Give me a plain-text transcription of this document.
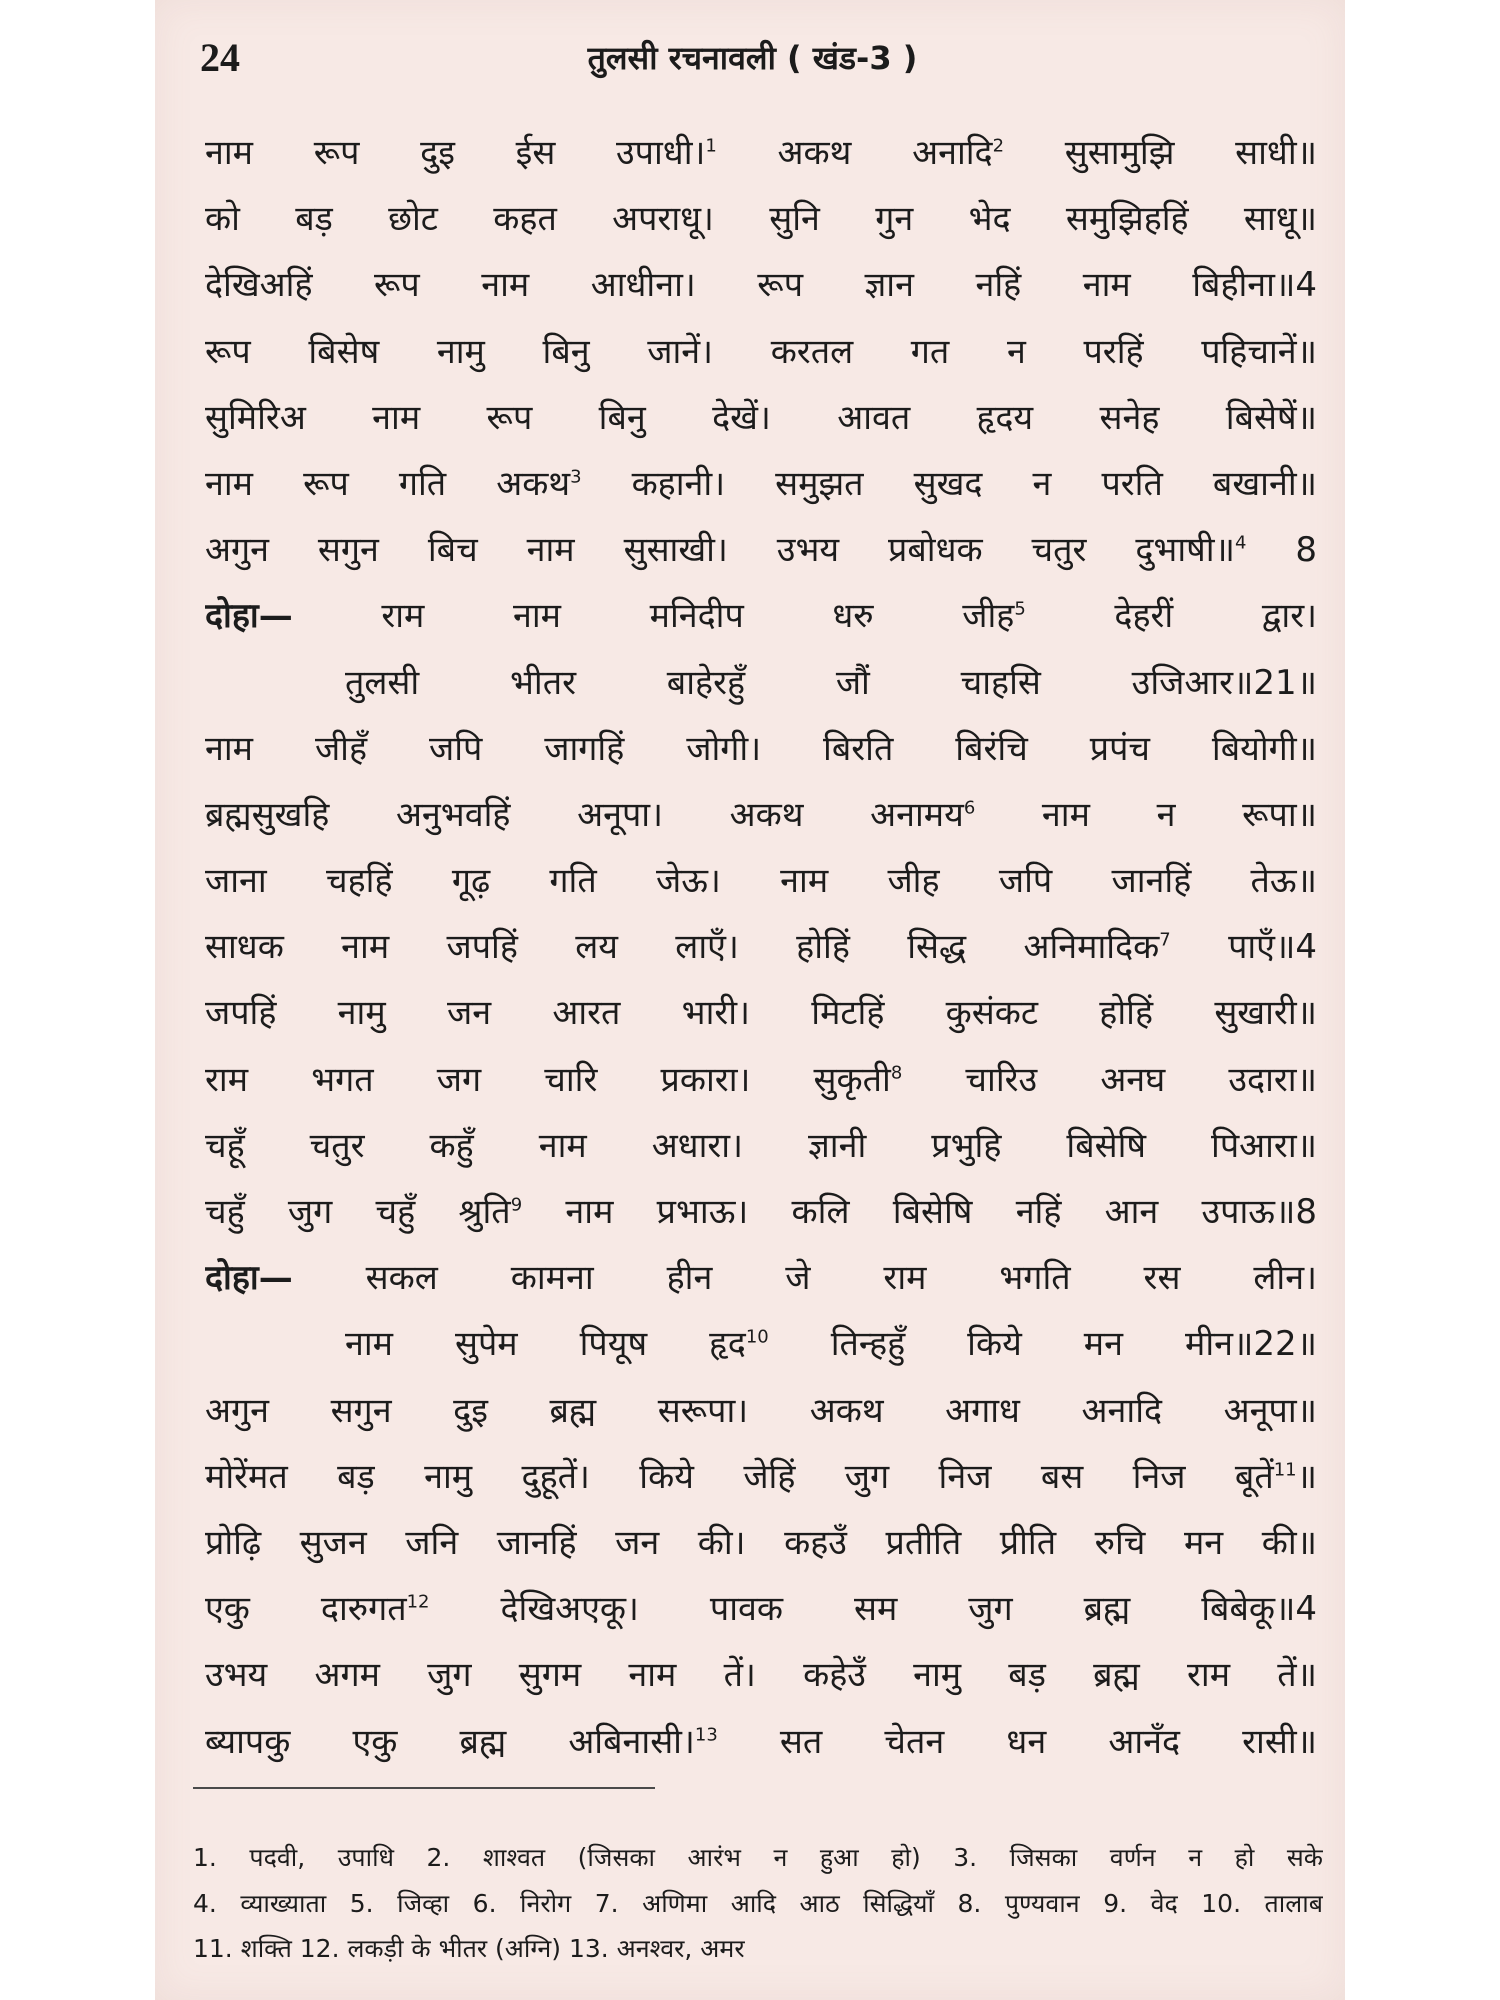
24	तुलसी रचनावली ( खंड-3 )
नाम रूप दुइ ईस उपाधी।$^1$ अकथ अनादि$^2$ सुसामुझि साधी॥
को बड़ छोट कहत अपराधू। सुनि गुन भेद समुझिहहिं साधू॥
देखिअहिं रूप नाम आधीना। रूप ज्ञान नहिं नाम बिहीना॥4
रूप बिसेष नामु बिनु जानें। करतल गत न परहिं पहिचानें॥
सुमिरिअ नाम रूप बिनु देखें। आवत हृदय सनेह बिसेषें॥
नाम रूप गति अकथ$^3$ कहानी। समुझत सुखद न परति बखानी॥
अगुन सगुन बिच नाम सुसाखी। उभय प्रबोधक चतुर दुभाषी॥$^4$ 8
दोहा— राम नाम मनिदीप धरु जीह$^5$ देहरीं द्वार।
तुलसी भीतर बाहेरहुँ जौं चाहसि उजिआर॥21॥
नाम जीहँ जपि जागहिं जोगी। बिरति बिरंचि प्रपंच बियोगी॥
ब्रह्मसुखहि अनुभवहिं अनूपा। अकथ अनामय$^6$ नाम न रूपा॥
जाना चहहिं गूढ़ गति जेऊ। नाम जीह जपि जानहिं तेऊ॥
साधक नाम जपहिं लय लाएँ। होहिं सिद्ध अनिमादिक$^7$ पाएँ॥4
जपहिं नामु जन आरत भारी। मिटहिं कुसंकट होहिं सुखारी॥
राम भगत जग चारि प्रकारा। सुकृती$^8$ चारिउ अनघ उदारा॥
चहूँ चतुर कहुँ नाम अधारा। ज्ञानी प्रभुहि बिसेषि पिआरा॥
चहुँ जुग चहुँ श्रुति$^9$ नाम प्रभाऊ। कलि बिसेषि नहिं आन उपाऊ॥8
दोहा— सकल कामना हीन जे राम भगति रस लीन।
नाम सुपेम पियूष हृद$^{10}$ तिन्हहुँ किये मन मीन॥22॥
अगुन सगुन दुइ ब्रह्म सरूपा। अकथ अगाध अनादि अनूपा॥
मोरेंमत बड़ नामु दुहूतें। किये जेहिं जुग निज बस निज बूतें$^{11}$॥
प्रोढ़ि सुजन जनि जानहिं जन की। कहउँ प्रतीति प्रीति रुचि मन की॥
एकु दारुगत$^{12}$ देखिअएकू। पावक सम जुग ब्रह्म बिबेकू॥4
उभय अगम जुग सुगम नाम तें। कहेउँ नामु बड़ ब्रह्म राम तें॥
ब्यापकु एकु ब्रह्म अबिनासी।$^{13}$ सत चेतन धन आनँद रासी॥
1. पदवी, उपाधि 2. शाश्वत (जिसका आरंभ न हुआ हो) 3. जिसका वर्णन न हो सके
4. व्याख्याता 5. जिव्हा 6. निरोग 7. अणिमा आदि आठ सिद्धियाँ 8. पुण्यवान 9. वेद 10. तालाब
11. शक्ति 12. लकड़ी के भीतर (अग्नि) 13. अनश्वर, अमर
